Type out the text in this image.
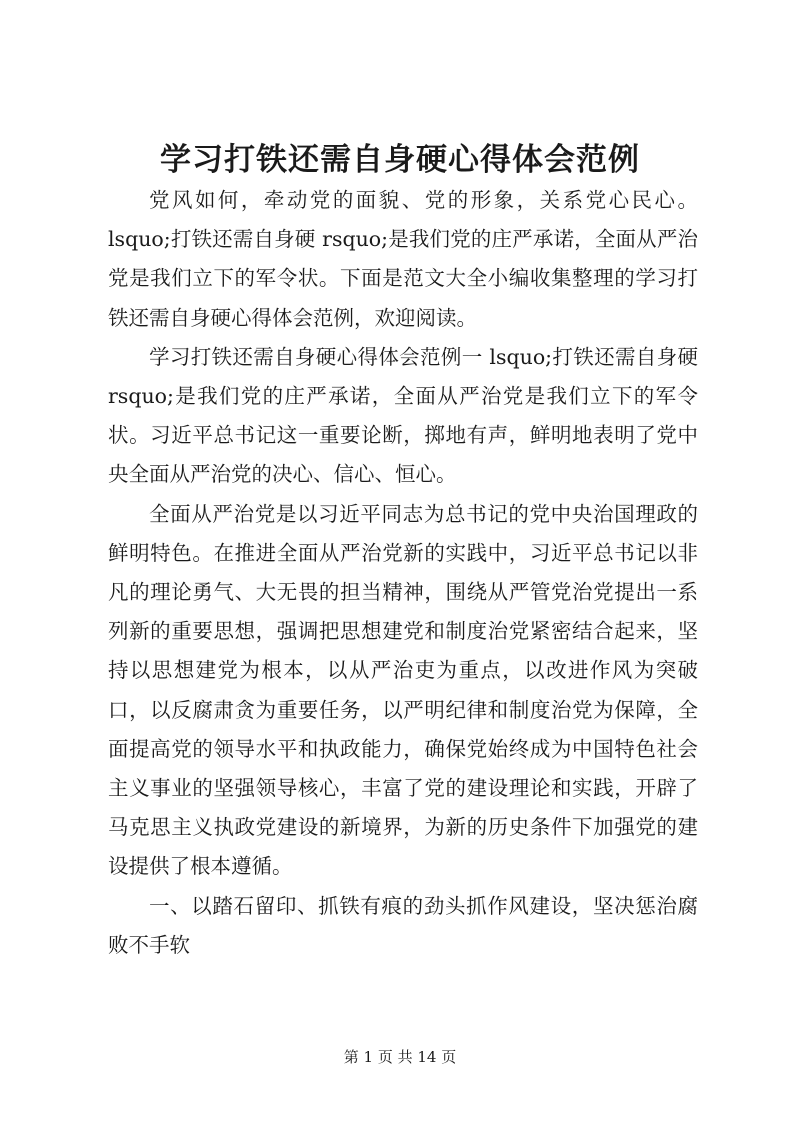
学习打铁还需自身硬心得体会范例

党风如何，牵动党的面貌、党的形象，关系党心民心。lsquo;打铁还需自身硬 rsquo;是我们党的庄严承诺，全面从严治党是我们立下的军令状。下面是范文大全小编收集整理的学习打铁还需自身硬心得体会范例，欢迎阅读。

学习打铁还需自身硬心得体会范例一 lsquo;打铁还需自身硬 rsquo;是我们党的庄严承诺，全面从严治党是我们立下的军令状。习近平总书记这一重要论断，掷地有声，鲜明地表明了党中央全面从严治党的决心、信心、恒心。

全面从严治党是以习近平同志为总书记的党中央治国理政的鲜明特色。在推进全面从严治党新的实践中，习近平总书记以非凡的理论勇气、大无畏的担当精神，围绕从严管党治党提出一系列新的重要思想，强调把思想建党和制度治党紧密结合起来，坚持以思想建党为根本，以从严治吏为重点，以改进作风为突破口，以反腐肃贪为重要任务，以严明纪律和制度治党为保障，全面提高党的领导水平和执政能力，确保党始终成为中国特色社会主义事业的坚强领导核心，丰富了党的建设理论和实践，开辟了马克思主义执政党建设的新境界，为新的历史条件下加强党的建设提供了根本遵循。

一、以踏石留印、抓铁有痕的劲头抓作风建设，坚决惩治腐败不手软

第 1 页 共 14 页
